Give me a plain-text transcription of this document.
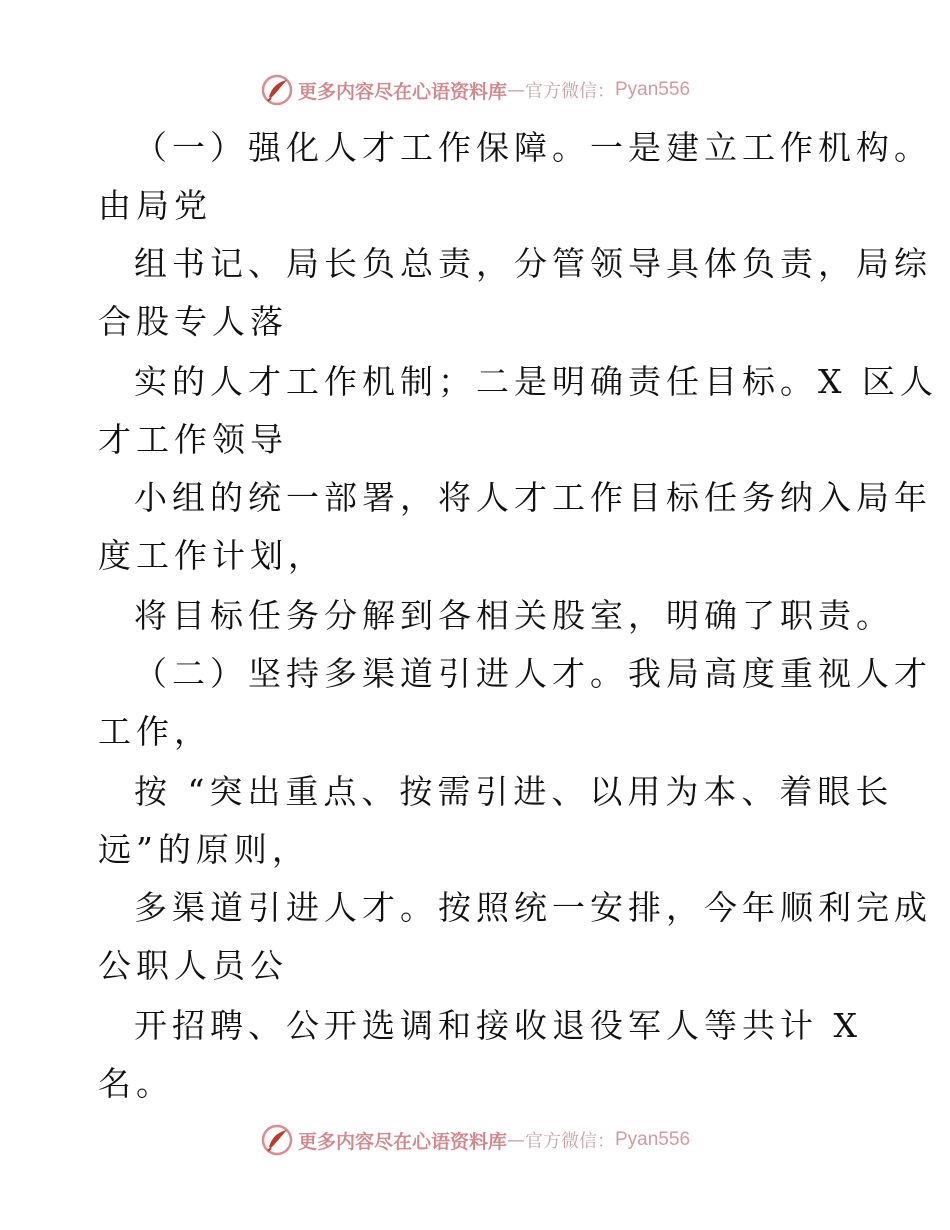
更多内容尽在心语资料库 — 官方微信： Pyan556
（一）强化人才工作保障。一是建立工作机构。
由局党
组书记、局长负总责，分管领导具体负责，局综
合股专人落
实的人才工作机制；二是明确责任目标。X 区人
才工作领导
小组的统一部署，将人才工作目标任务纳入局年
度工作计划，
将目标任务分解到各相关股室，明确了职责。
（二）坚持多渠道引进人才。我局高度重视人才
工作，
按 “突出重点、按需引进、以用为本、着眼长
远”的原则，
多渠道引进人才。按照统一安排，今年顺利完成
公职人员公
开招聘、公开选调和接收退役军人等共计 X
名。
更多内容尽在心语资料库 — 官方微信： Pyan556
